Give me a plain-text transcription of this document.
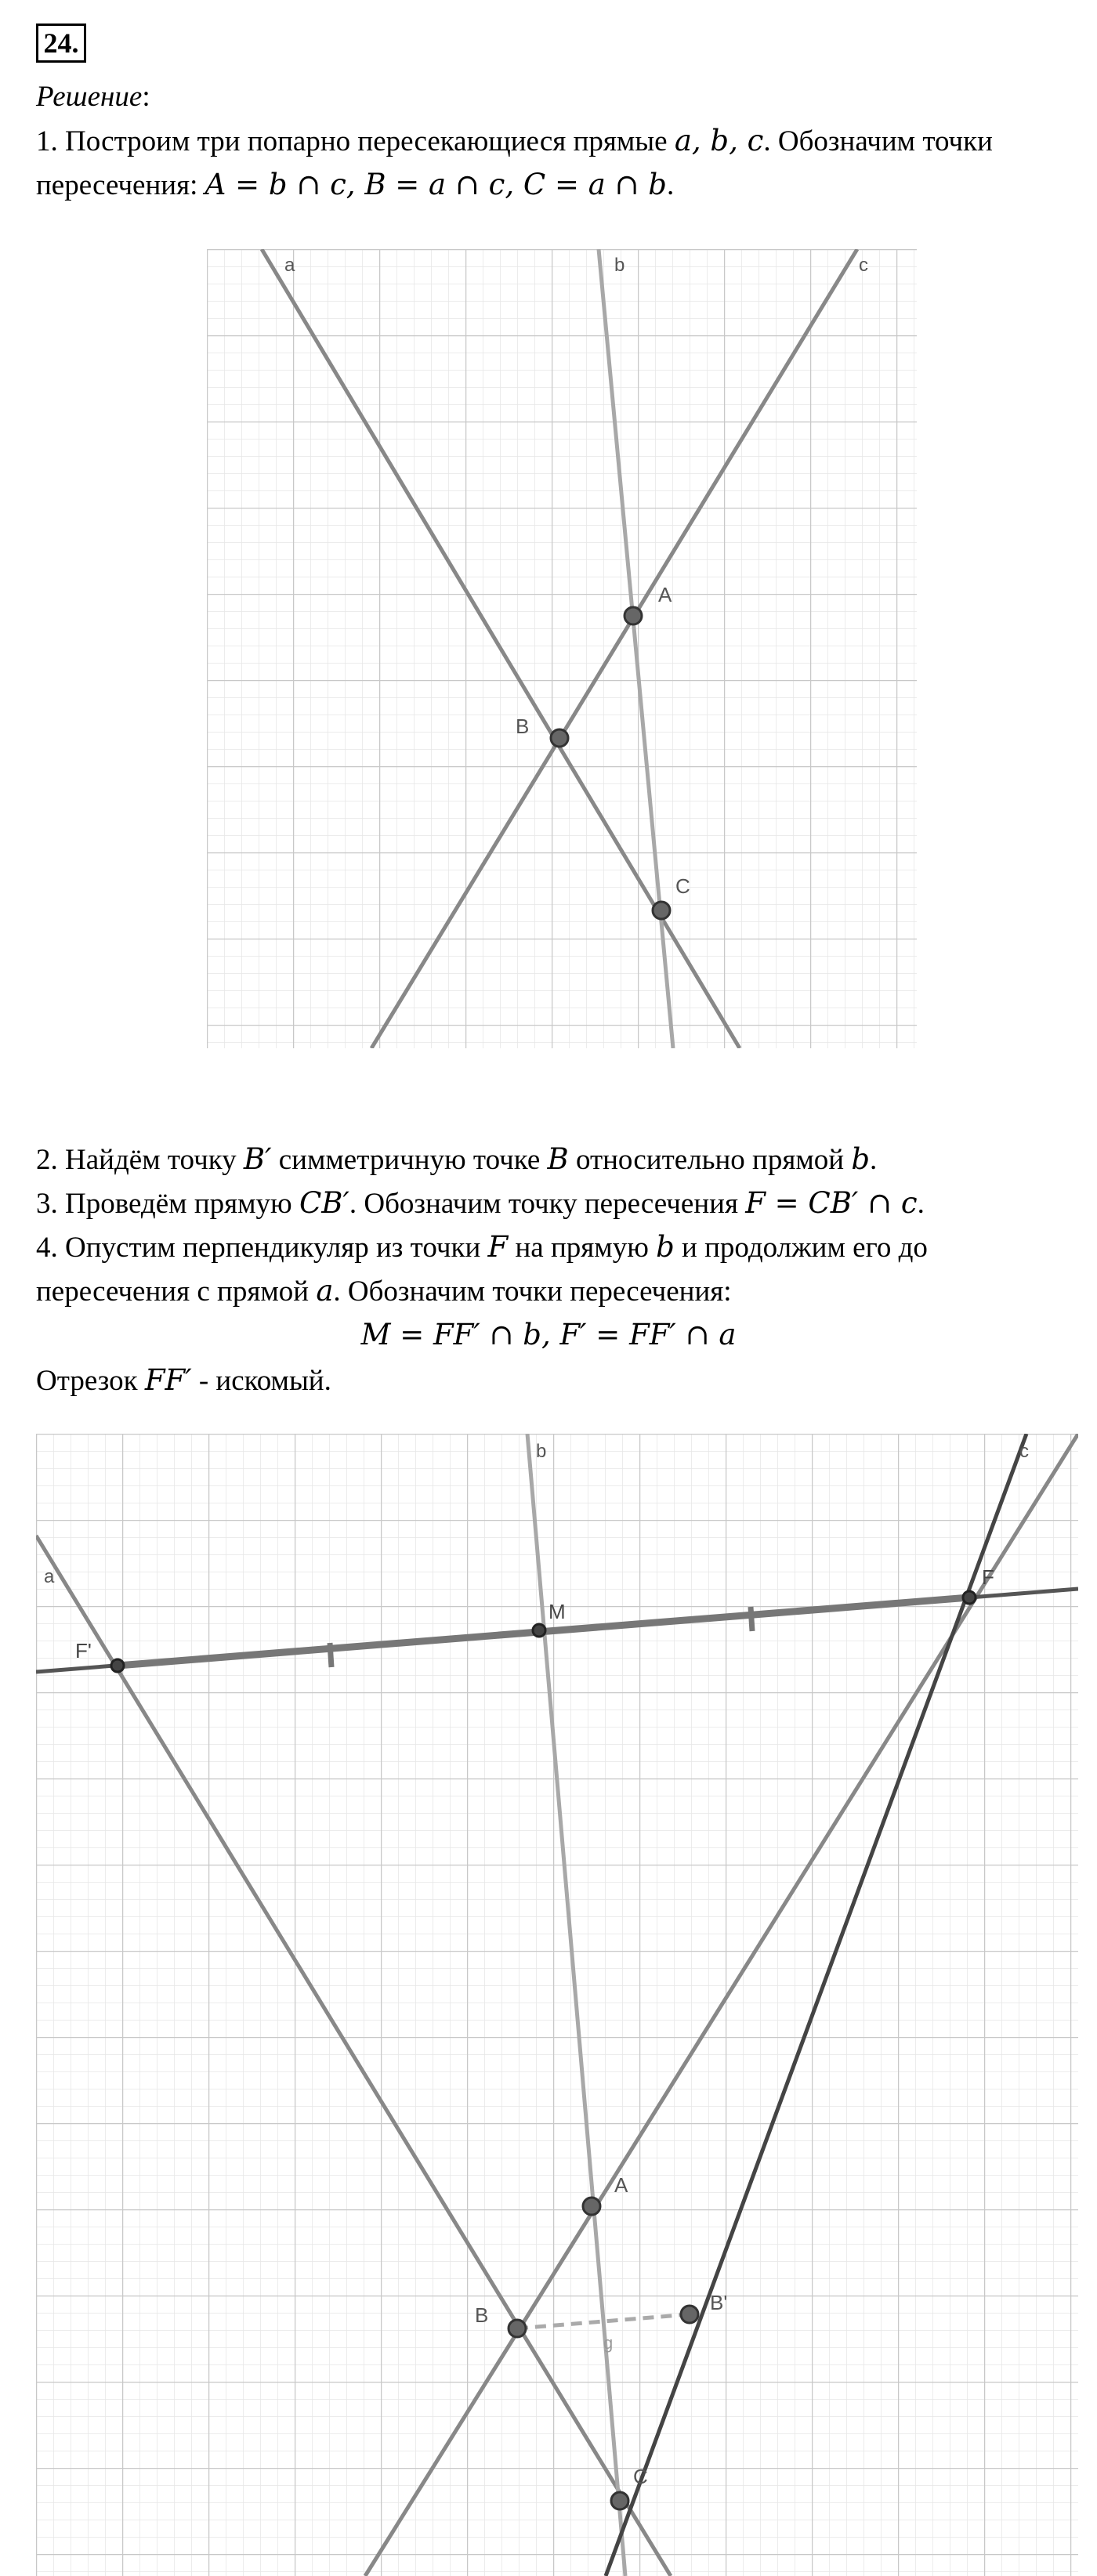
24.
Решение:
1. Построим три попарно пересекающиеся прямые a, b, c. Обозначим точки
пересечения: A = b ∩ c, B = a ∩ c, C = a ∩ b.
a	b	c
A
B
C
2. Найдём точку B′ симметричную точке B относительно прямой b.
3. Проведём прямую CB′. Обозначим точку пересечения F = CB′ ∩ c.
4. Опустим перпендикуляр из точки F на прямую b и продолжим его до
пересечения с прямой a. Обозначим точки пересечения:
M = FF′ ∩ b, F′ = FF′ ∩ a
Отрезок FF′ - искомый.
a
b	c
F'
M
F
A
B
B'
C
g
